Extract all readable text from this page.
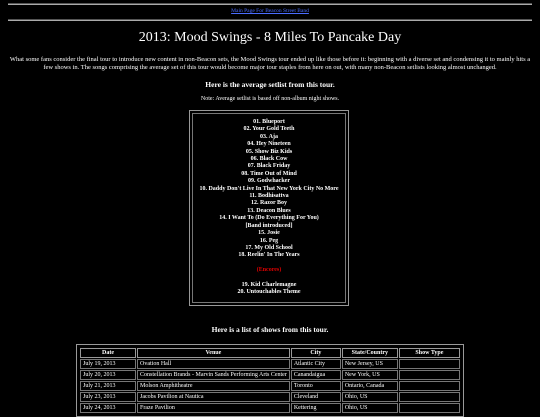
Main Page For Beacon Street Band
2013: Mood Swings - 8 Miles To Pancake Day

What some fans consider the final tour to introduce new content in non-Beacon sets, the Mood Swings tour ended up like those before it: beginning with a diverse set and condensing it to mainly hits a few shows in. The songs comprising the average set of this tour would become major tour staples from here on out, with many non-Beacon setlists looking almost unchanged.

Here is the average setlist from this tour.
Note: Average setlist is based off non-album night shows.
01. Blueport
02. Your Gold Teeth
03. Aja
04. Hey Nineteen
05. Show Biz Kids
06. Black Cow
07. Black Friday
08. Time Out of Mind
09. Godwhacker
10. Daddy Don't Live In That New York City No More
11. Bodhisattva
12. Razor Boy
13. Deacon Blues
14. I Want To (Do Everything For You)
[Band introduced]
15. Josie
16. Peg
17. My Old School
18. Reelin' In The Years
(Encores)
19. Kid Charlemagne
20. Untouchables Theme
Here is a list of shows from this tour.
Date	Venue	City	State/Country	Show Type
July 19, 2013	Ovation Hall	Atlantic City	New Jersey, US	
July 20, 2013	Constellation Brands - Marvin Sands Performing Arts Center	Canandaigua	New York, US	
July 21, 2013	Molson Amphitheatre	Toronto	Ontario, Canada	
July 23, 2013	Jacobs Pavilion at Nautica	Cleveland	Ohio, US	
July 24, 2013	Fraze Pavilion	Kettering	Ohio, US	
